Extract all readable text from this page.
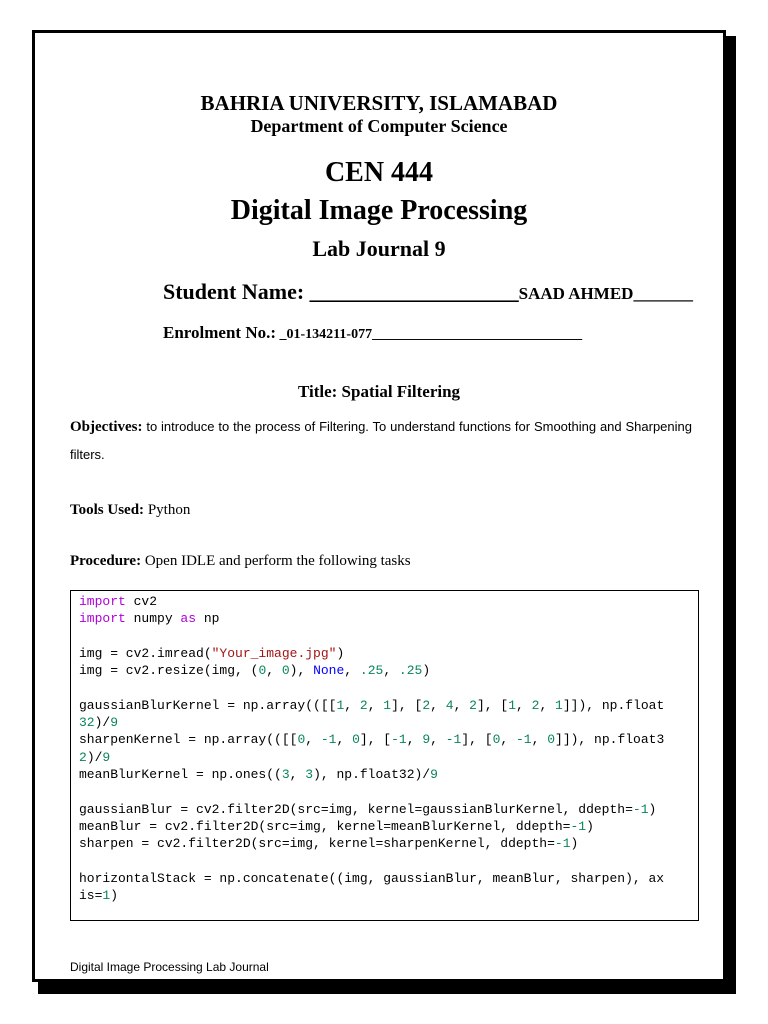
BAHRIA UNIVERSITY, ISLAMABAD
Department of Computer Science
CEN 444
Digital Image Processing
Lab Journal 9
Student Name: ___________________SAAD AHMED_______
Enrolment No.: _01-134211-077______________________________
Title: Spatial Filtering
Objectives: to introduce to the process of Filtering. To understand functions for Smoothing and Sharpening filters.
Tools Used: Python
Procedure: Open IDLE and perform the following tasks
import cv2
import numpy as np

img = cv2.imread("Your_image.jpg")
img = cv2.resize(img, (0, 0), None, .25, .25)

gaussianBlurKernel = np.array(([[1, 2, 1], [2, 4, 2], [1, 2, 1]]), np.float
32)/9
sharpenKernel = np.array(([[0, -1, 0], [-1, 9, -1], [0, -1, 0]]), np.float3
2)/9
meanBlurKernel = np.ones((3, 3), np.float32)/9

gaussianBlur = cv2.filter2D(src=img, kernel=gaussianBlurKernel, ddepth=-1)
meanBlur = cv2.filter2D(src=img, kernel=meanBlurKernel, ddepth=-1)
sharpen = cv2.filter2D(src=img, kernel=sharpenKernel, ddepth=-1)

horizontalStack = np.concatenate((img, gaussianBlur, meanBlur, sharpen), ax
is=1)
Digital Image Processing Lab Journal
